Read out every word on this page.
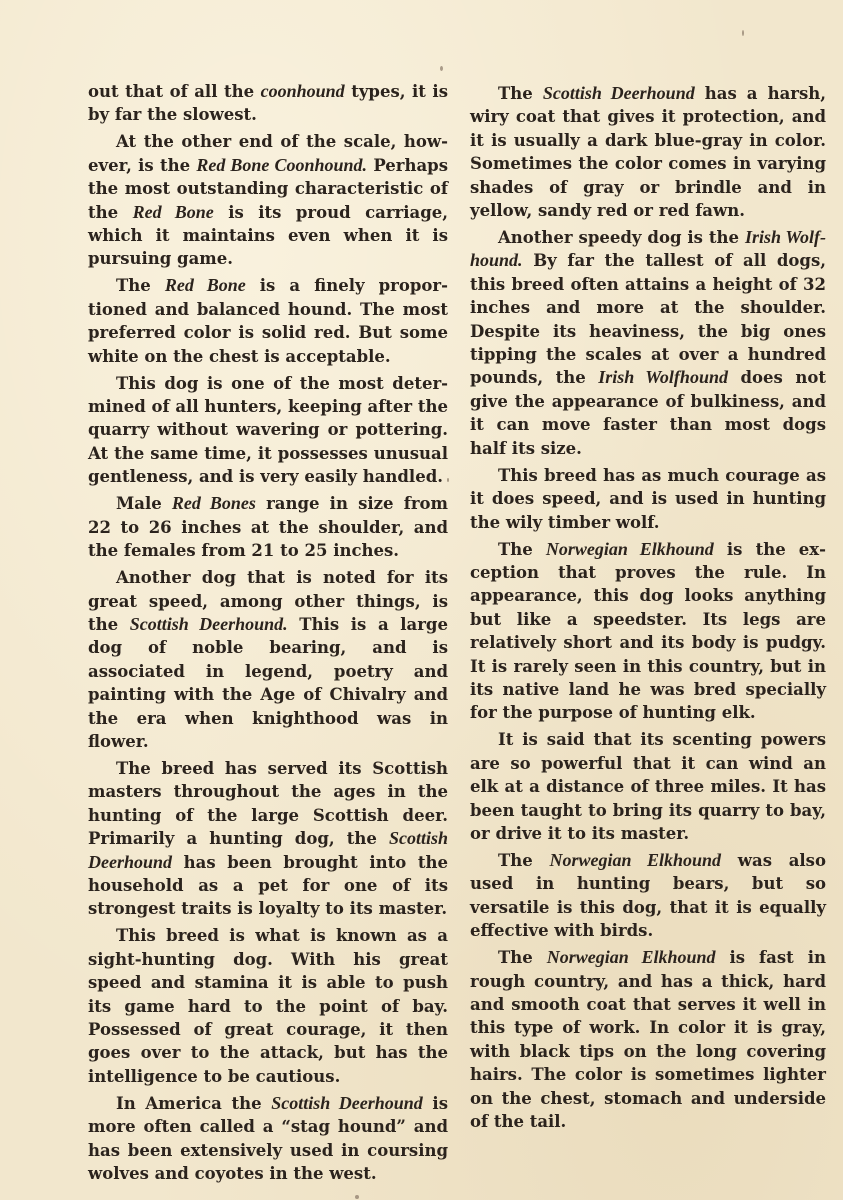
out that of all the coonhound types, it is by far the slowest.

At the other end of the scale, however, is the Red Bone Coonhound. Perhaps the most outstanding characteristic of the Red Bone is its proud carriage, which it maintains even when it is pursuing game.

The Red Bone is a finely proportioned and balanced hound. The most preferred color is solid red. But some white on the chest is acceptable.

This dog is one of the most determined of all hunters, keeping after the quarry without wavering or pottering. At the same time, it possesses unusual gentleness, and is very easily handled.

Male Red Bones range in size from 22 to 26 inches at the shoulder, and the females from 21 to 25 inches.

Another dog that is noted for its great speed, among other things, is the Scottish Deerhound. This is a large dog of noble bearing, and is associated in legend, poetry and painting with the Age of Chivalry and the era when knighthood was in flower.

The breed has served its Scottish masters throughout the ages in the hunting of the large Scottish deer. Primarily a hunting dog, the Scottish Deerhound has been brought into the household as a pet for one of its strongest traits is loyalty to its master.

This breed is what is known as a sight-hunting dog. With his great speed and stamina it is able to push its game hard to the point of bay. Possessed of great courage, it then goes over to the attack, but has the intelligence to be cautious.

In America the Scottish Deerhound is more often called a “stag hound” and has been extensively used in coursing wolves and coyotes in the west.

The Scottish Deerhound has a harsh, wiry coat that gives it protection, and it is usually a dark blue-gray in color. Sometimes the color comes in varying shades of gray or brindle and in yellow, sandy red or red fawn.

Another speedy dog is the Irish Wolfhound. By far the tallest of all dogs, this breed often attains a height of 32 inches and more at the shoulder. Despite its heaviness, the big ones tipping the scales at over a hundred pounds, the Irish Wolfhound does not give the appearance of bulkiness, and it can move faster than most dogs half its size.

This breed has as much courage as it does speed, and is used in hunting the wily timber wolf.

The Norwegian Elkhound is the exception that proves the rule. In appearance, this dog looks anything but like a speedster. Its legs are relatively short and its body is pudgy. It is rarely seen in this country, but in its native land he was bred specially for the purpose of hunting elk.

It is said that its scenting powers are so powerful that it can wind an elk at a distance of three miles. It has been taught to bring its quarry to bay, or drive it to its master.

The Norwegian Elkhound was also used in hunting bears, but so versatile is this dog, that it is equally effective with birds.

The Norwegian Elkhound is fast in rough country, and has a thick, hard and smooth coat that serves it well in this type of work. In color it is gray, with black tips on the long covering hairs. The color is sometimes lighter on the chest, stomach and underside of the tail.
